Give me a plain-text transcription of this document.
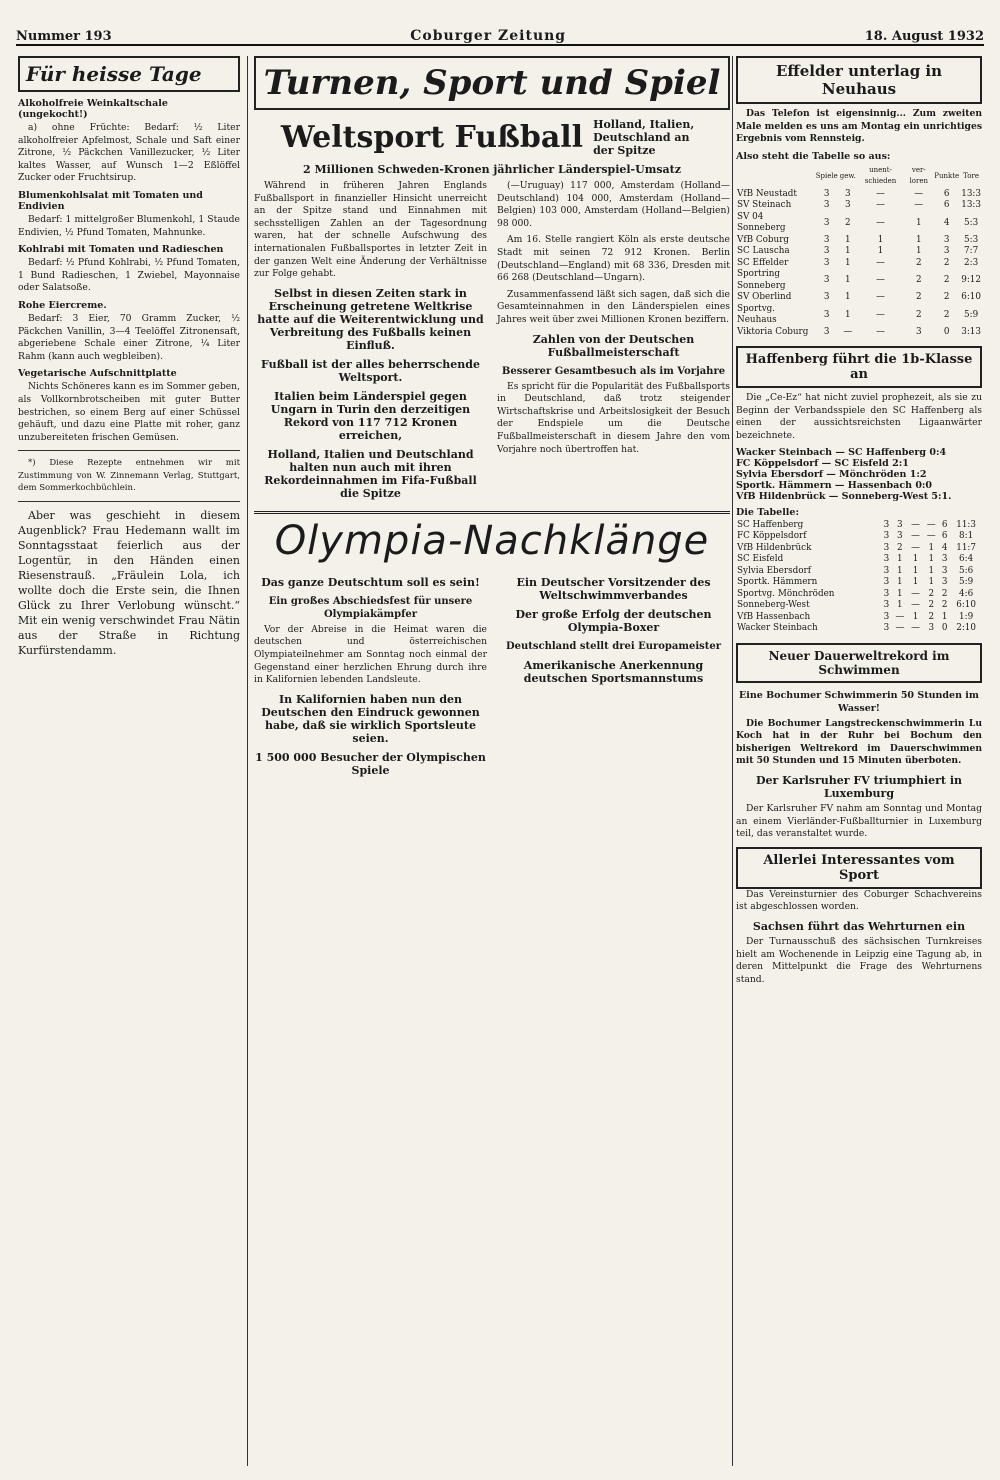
Nummer 193	Coburger Zeitung	18. August 1932
Für heisse Tage
Alkoholfreie Weinkaltschale (ungekocht!)

a) ohne Früchte: Bedarf: ½ Liter alkoholfreier Apfelmost, Schale und Saft einer Zitrone, ½ Päckchen Vanillezucker, ½ Liter kaltes Wasser, auf Wunsch 1—2 Eßlöffel Zucker oder Fruchtsirup.

Blumenkohlsalat mit Tomaten und Endivien

Bedarf: 1 mittelgroßer Blumenkohl, 1 Staude Endivien, ½ Pfund Tomaten, Mahnunke.

Kohlrabi mit Tomaten und Radieschen

Bedarf: ½ Pfund Kohlrabi, ½ Pfund Tomaten, 1 Bund Radieschen, 1 Zwiebel, Mayonnaise oder Salatsoße.

Rohe Eiercreme.

Bedarf: 3 Eier, 70 Gramm Zucker, ½ Päckchen Vanillin, 3—4 Teelöffel Zitronensaft, abgeriebene Schale einer Zitrone, ¼ Liter Rahm (kann auch wegbleiben).

Vegetarische Aufschnittplatte

Nichts Schöneres kann es im Sommer geben, als Vollkornbrotscheiben mit guter Butter bestrichen, so einem Berg auf einer Schüssel gehäuft, und dazu eine Platte mit roher, ganz unzubereiteten frischen Gemüsen.

*) Diese Rezepte entnehmen wir mit Zustimmung von W. Zinnemann Verlag, Stuttgart, dem Sommerkochbüchlein.

Aber was geschieht in diesem Augenblick? Frau Hedemann wallt im Sonntagsstaat feierlich aus der Logentür, in den Händen einen Riesenstrauß. „Fräulein Lola, ich wollte doch die Erste sein, die Ihnen Glück zu Ihrer Verlobung wünscht.“ Mit ein wenig verschwindet Frau Nätin aus der Straße in Richtung Kurfürstendamm.

Turnen, Sport und Spiel
Weltsport Fußball Holland, Italien, Deutschland an der Spitze
2 Millionen Schweden-Kronen jährlicher Länderspiel-Umsatz

Während in früheren Jahren Englands Fußballsport in finanzieller Hinsicht unerreicht an der Spitze stand und Einnahmen mit sechsstelligen Zahlen an der Tagesordnung waren, hat der schnelle Aufschwung des internationalen Fußballsportes in letzter Zeit in der ganzen Welt eine Änderung der Verhältnisse zur Folge gehabt.

Selbst in diesen Zeiten stark in Erscheinung getretene Weltkrise hatte auf die Weiterentwicklung und Verbreitung des Fußballs keinen Einfluß.
Fußball ist der alles beherrschende Weltsport.
Italien beim Länderspiel gegen Ungarn in Turin den derzeitigen Rekord von 117 712 Kronen erreichen,
Holland, Italien und Deutschland halten nun auch mit ihren Rekordeinnahmen im Fifa-Fußball die Spitze

(—Uruguay) 117 000, Amsterdam (Holland—Deutschland) 104 000, Amsterdam (Holland—Belgien) 103 000, Amsterdam (Holland—Belgien) 98 000.

Am 16. Stelle rangiert Köln als erste deutsche Stadt mit seinen 72 912 Kronen. Berlin (Deutschland—England) mit 68 336, Dresden mit 66 268 (Deutschland—Ungarn).

Zusammenfassend läßt sich sagen, daß sich die Gesamteinnahmen in den Länderspielen eines Jahres weit über zwei Millionen Kronen beziffern.

Zahlen von der Deutschen Fußballmeisterschaft
Besserer Gesamtbesuch als im Vorjahre

Es spricht für die Popularität des Fußballsports in Deutschland, daß trotz steigender Wirtschaftskrise und Arbeitslosigkeit der Besuch der Endspiele um die Deutsche Fußballmeisterschaft in diesem Jahre den vom Vorjahre noch übertroffen hat.

Olympia-Nachklänge
Das ganze Deutschtum soll es sein!
Ein großes Abschiedsfest für unsere Olympiakämpfer

Vor der Abreise in die Heimat waren die deutschen und österreichischen Olympiateilnehmer am Sonntag noch einmal der Gegenstand einer herzlichen Ehrung durch ihre in Kalifornien lebenden Landsleute.

In Kalifornien haben nun den Deutschen den Eindruck gewonnen habe, daß sie wirklich Sportsleute seien.
1 500 000 Besucher der Olympischen Spiele
Ein Deutscher Vorsitzender des Weltschwimmverbandes
Der große Erfolg der deutschen Olympia-Boxer
Deutschland stellt drei Europameister
Amerikanische Anerkennung deutschen Sportsmannstums
Effelder unterlag in Neuhaus

Das Telefon ist eigensinnig... Zum zweiten Male melden es uns am Montag ein unrichtiges Ergebnis vom Rennsteig.

Also steht die Tabelle so aus:
	Spiele	gew.	unent-schieden	ver-loren	Punkte	Tore
VfB Neustadt	3	3	—	—	6	13:3
SV Steinach	3	3	—	—	6	13:3
SV 04 Sonneberg	3	2	—	1	4	5:3
VfB Coburg	3	1	1	1	3	5:3
SC Lauscha	3	1	1	1	3	7:7
SC Effelder	3	1	—	2	2	2:3
Sportring Sonneberg	3	1	—	2	2	9:12
SV Oberlind	3	1	—	2	2	6:10
Sportvg. Neuhaus	3	1	—	2	2	5:9
Viktoria Coburg	3	—	—	3	0	3:13
Haffenberg führt die 1b-Klasse an

Die „Ce-Ez“ hat nicht zuviel prophezeit, als sie zu Beginn der Verbandsspiele den SC Haffenberg als einen der aussichtsreichsten Ligaanwärter bezeichnete.

Wacker Steinbach — SC Haffenberg 0:4
FC Köppelsdorf — SC Eisfeld 2:1
Sylvia Ebersdorf — Mönchröden 1:2
Sportk. Hämmern — Hassenbach 0:0
VfB Hildenbrück — Sonneberg-West 5:1.
Die Tabelle:
SC Haffenberg	3	3	—	—	6	11:3
FC Köppelsdorf	3	3	—	—	6	8:1
VfB Hildenbrück	3	2	—	1	4	11:7
SC Eisfeld	3	1	1	1	3	6:4
Sylvia Ebersdorf	3	1	1	1	3	5:6
Sportk. Hämmern	3	1	1	1	3	5:9
Sportvg. Mönchröden	3	1	—	2	2	4:6
Sonneberg-West	3	1	—	2	2	6:10
VfB Hassenbach	3	—	1	2	1	1:9
Wacker Steinbach	3	—	—	3	0	2:10
Neuer Dauerweltrekord im Schwimmen
Eine Bochumer Schwimmerin 50 Stunden im Wasser!

Die Bochumer Langstreckenschwimmerin Lu Koch hat in der Ruhr bei Bochum den bisherigen Weltrekord im Dauerschwimmen mit 50 Stunden und 15 Minuten überboten.

Der Karlsruher FV triumphiert in Luxemburg

Der Karlsruher FV nahm am Sonntag und Montag an einem Vierländer-Fußballturnier in Luxemburg teil, das veranstaltet wurde.

Allerlei Interessantes vom Sport

Das Vereinsturnier des Coburger Schachvereins ist abgeschlossen worden.

Sachsen führt das Wehrturnen ein

Der Turnausschuß des sächsischen Turnkreises hielt am Wochenende in Leipzig eine Tagung ab, in deren Mittelpunkt die Frage des Wehrturnens stand.
